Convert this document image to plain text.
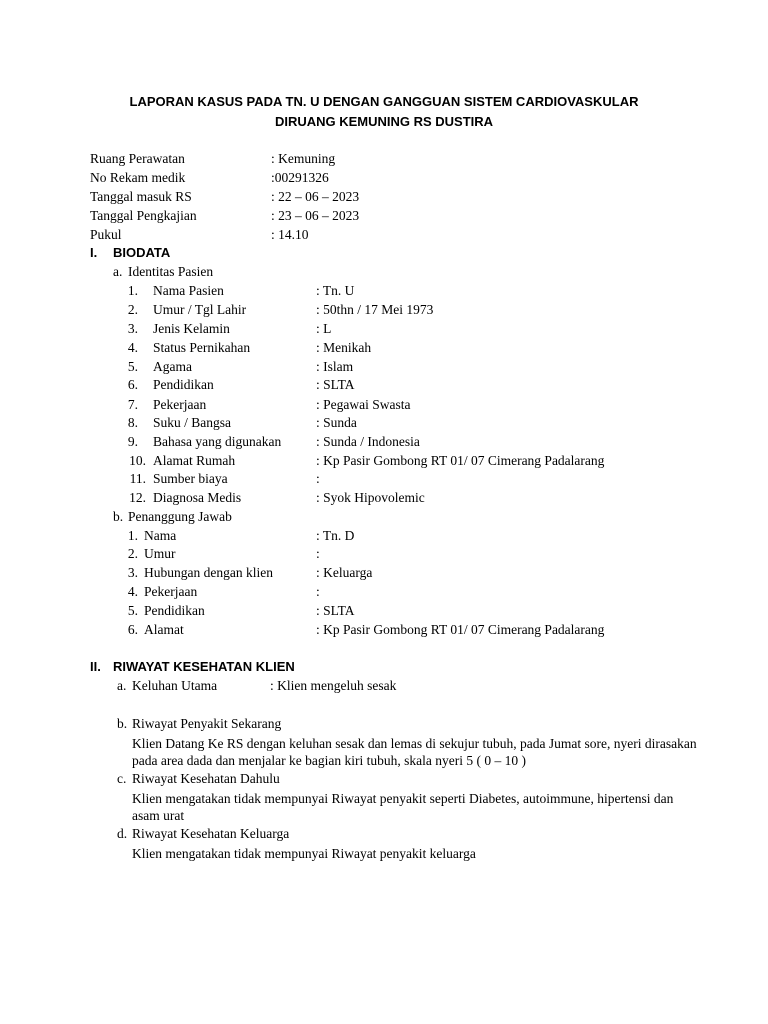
LAPORAN KASUS PADA TN. U DENGAN GANGGUAN SISTEM CARDIOVASKULAR
DIRUANG KEMUNING RS DUSTIRA
Ruang Perawatan	: Kemuning
No Rekam medik	:00291326
Tanggal masuk RS	: 22 – 06 – 2023
Tanggal Pengkajian	: 23 – 06 – 2023
Pukul	: 14.10
I. BIODATA
a. Identitas Pasien
1. Nama Pasien	: Tn. U
2. Umur / Tgl Lahir	: 50thn / 17 Mei 1973
3. Jenis Kelamin	: L
4. Status Pernikahan	: Menikah
5. Agama	: Islam
6. Pendidikan	: SLTA
7. Pekerjaan	: Pegawai Swasta
8. Suku / Bangsa	: Sunda
9. Bahasa yang digunakan	: Sunda / Indonesia
10. Alamat Rumah	: Kp Pasir Gombong RT 01/ 07 Cimerang Padalarang
11. Sumber biaya	:
12. Diagnosa Medis	: Syok Hipovolemic
b. Penanggung Jawab
1. Nama	: Tn. D
2. Umur	:
3. Hubungan dengan klien	: Keluarga
4. Pekerjaan	:
5. Pendidikan	: SLTA
6. Alamat	: Kp Pasir Gombong RT 01/ 07 Cimerang Padalarang
II. RIWAYAT KESEHATAN KLIEN
a. Keluhan Utama	: Klien mengeluh sesak
b. Riwayat Penyakit Sekarang
Klien Datang Ke RS dengan keluhan sesak dan lemas di sekujur tubuh, pada Jumat sore, nyeri dirasakan pada area dada dan menjalar ke bagian kiri tubuh, skala nyeri 5 ( 0 – 10 )
c. Riwayat Kesehatan Dahulu
Klien mengatakan tidak mempunyai Riwayat penyakit seperti Diabetes, autoimmune, hipertensi dan asam urat
d. Riwayat Kesehatan Keluarga
Klien mengatakan tidak mempunyai Riwayat penyakit keluarga
